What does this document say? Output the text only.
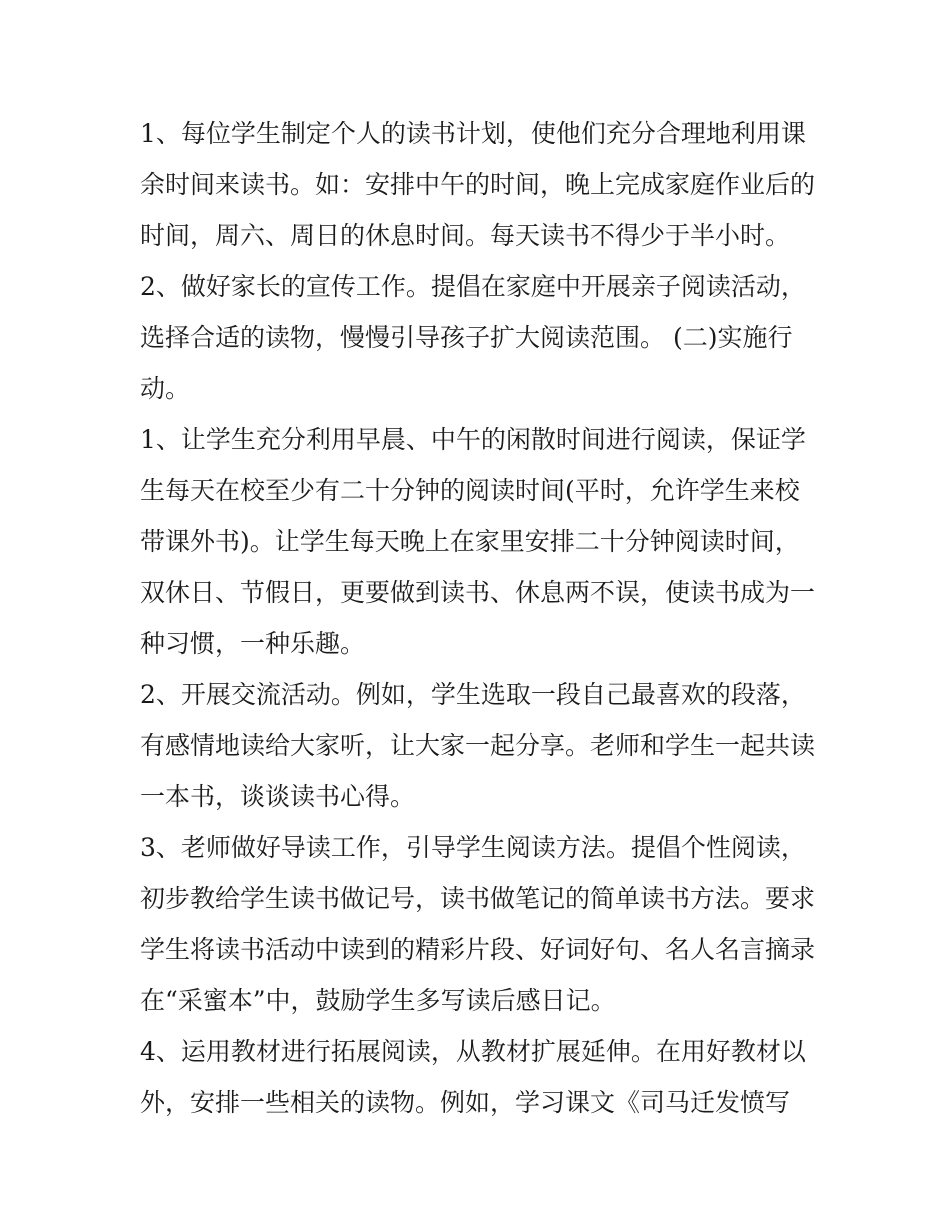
1、每位学生制定个人的读书计划，使他们充分合理地利用课
余时间来读书。如：安排中午的时间，晚上完成家庭作业后的
时间，周六、周日的休息时间。每天读书不得少于半小时。
2、做好家长的宣传工作。提倡在家庭中开展亲子阅读活动，
选择合适的读物，慢慢引导孩子扩大阅读范围。 (二)实施行
动。
1、让学生充分利用早晨、中午的闲散时间进行阅读，保证学
生每天在校至少有二十分钟的阅读时间(平时，允许学生来校
带课外书)。让学生每天晚上在家里安排二十分钟阅读时间，
双休日、节假日，更要做到读书、休息两不误，使读书成为一
种习惯，一种乐趣。
2、开展交流活动。例如，学生选取一段自己最喜欢的段落，
有感情地读给大家听，让大家一起分享。老师和学生一起共读
一本书，谈谈读书心得。
3、老师做好导读工作，引导学生阅读方法。提倡个性阅读，
初步教给学生读书做记号，读书做笔记的简单读书方法。要求
学生将读书活动中读到的精彩片段、好词好句、名人名言摘录
在“采蜜本”中，鼓励学生多写读后感日记。
4、运用教材进行拓展阅读，从教材扩展延伸。在用好教材以
外，安排一些相关的读物。例如，学习课文《司马迁发愤写
